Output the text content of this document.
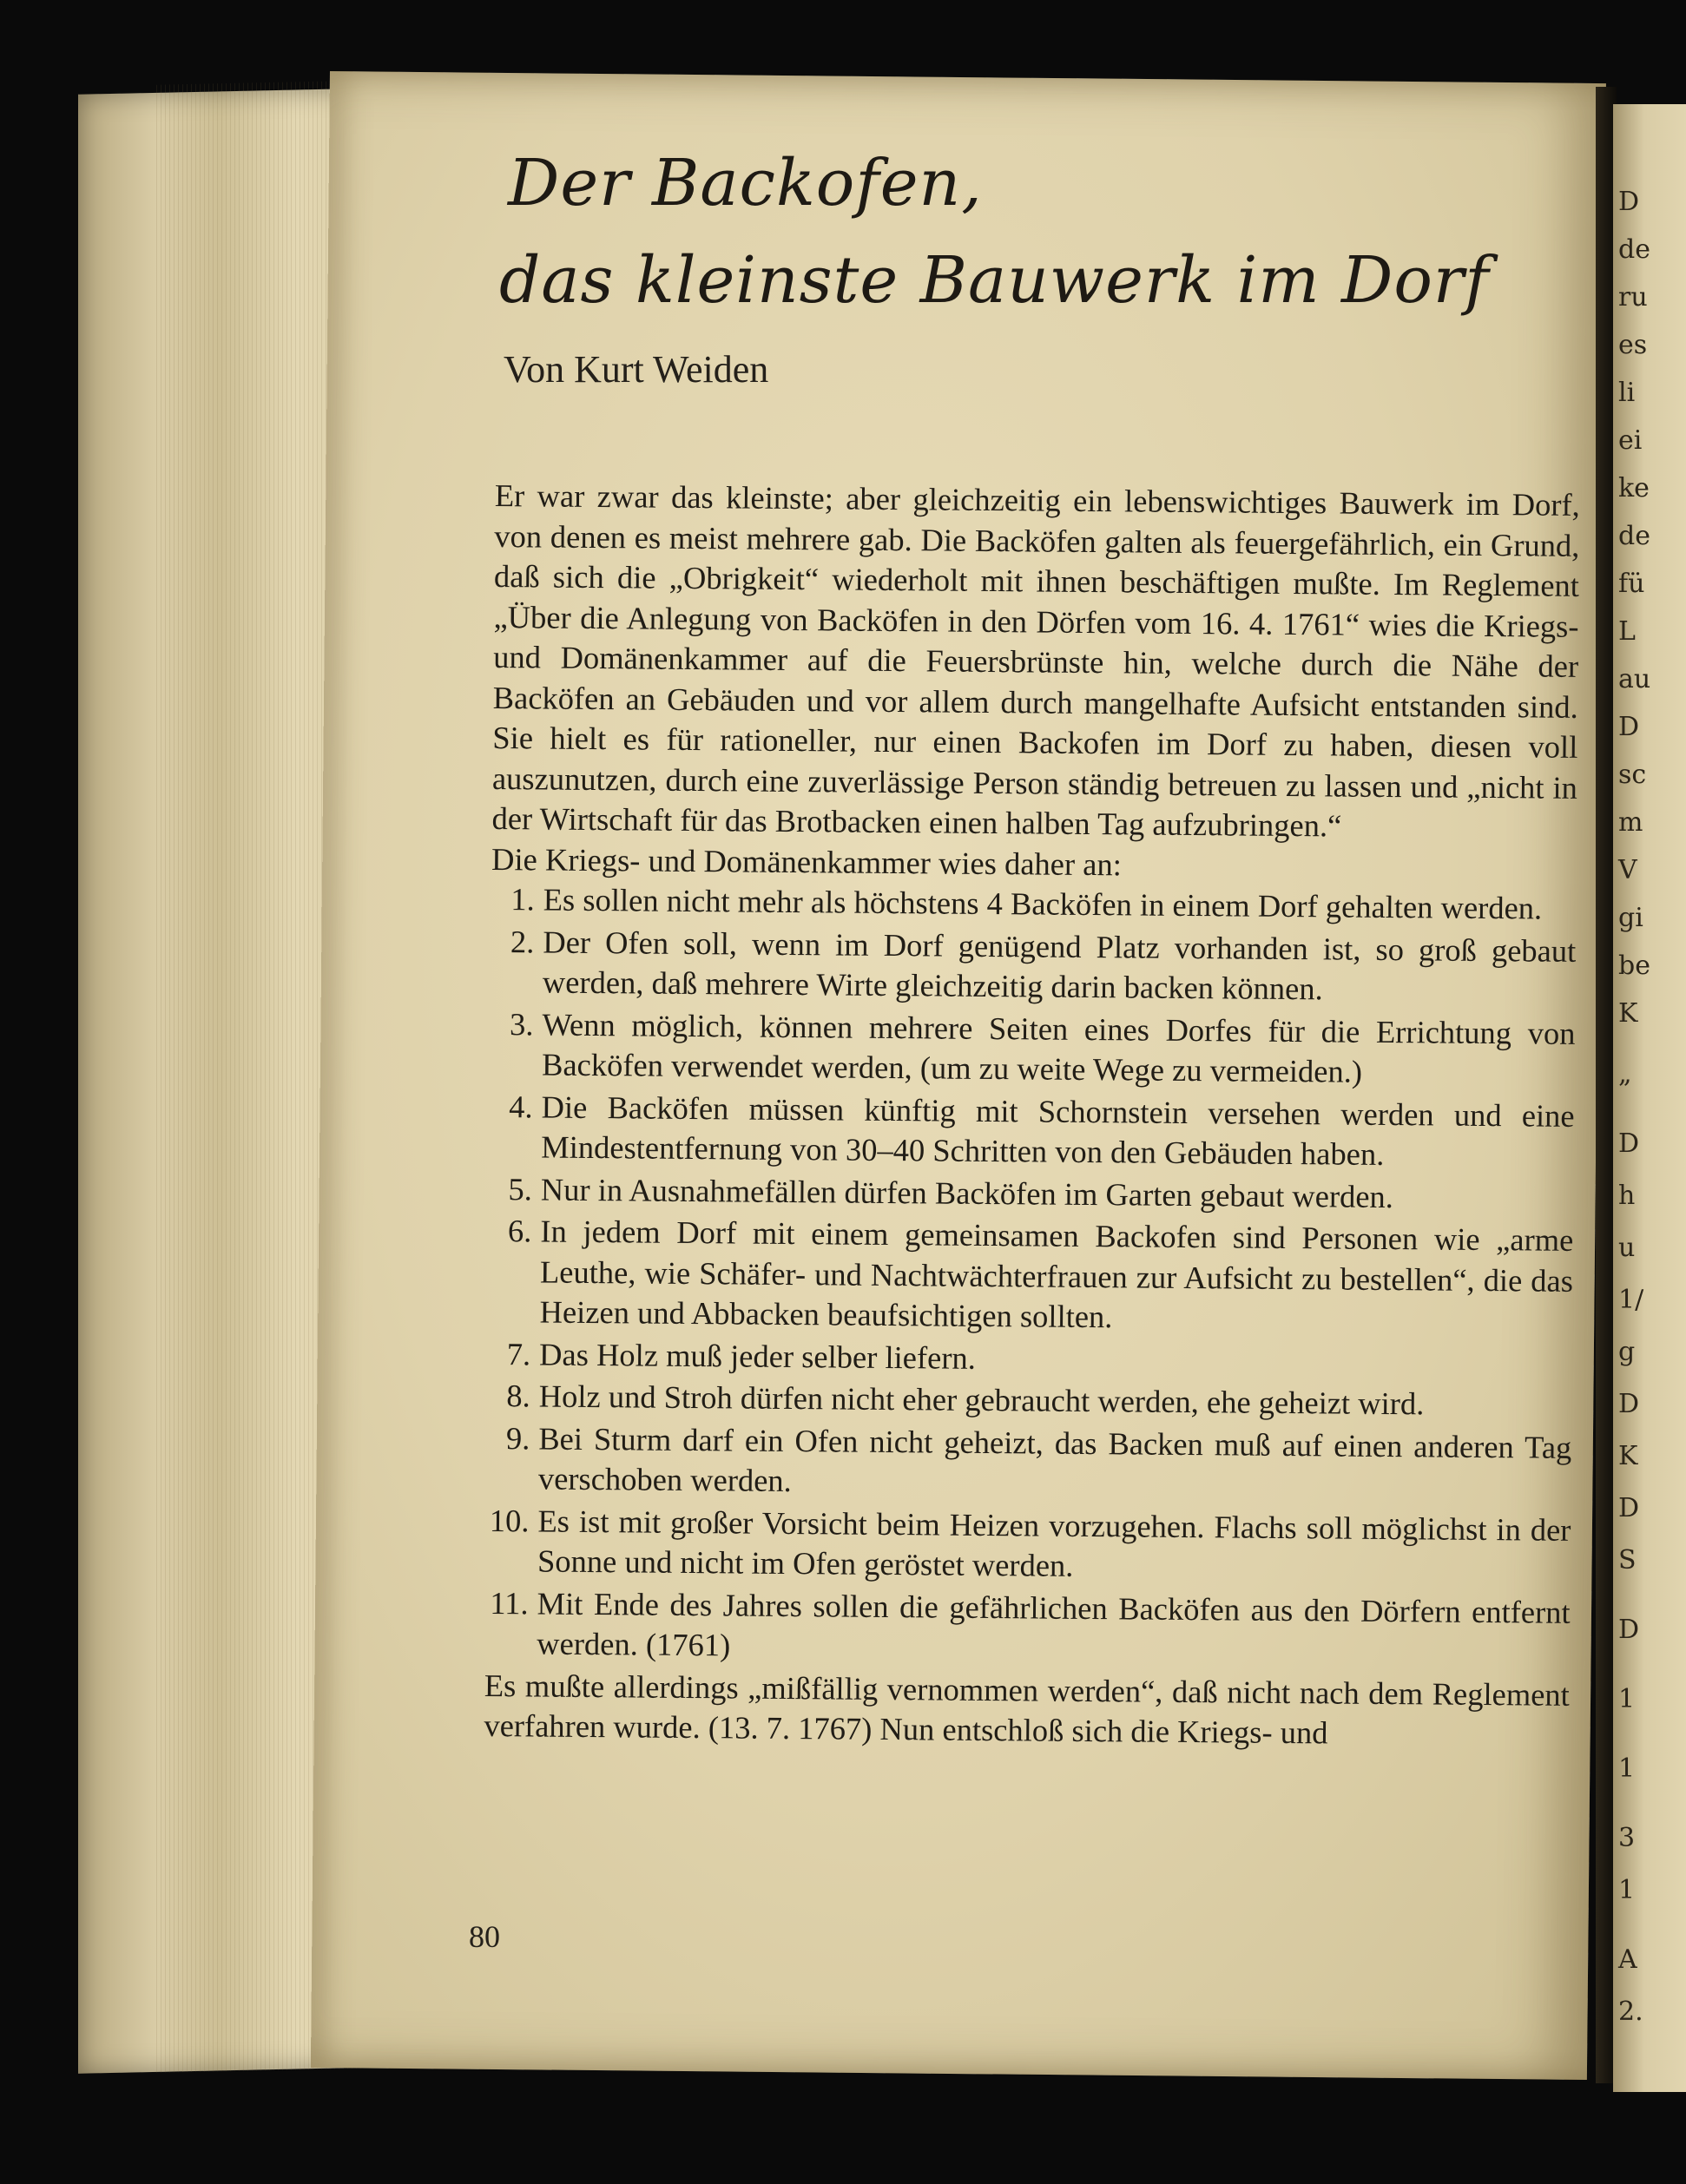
D
de
ru
es
li
ei
ke
de
fü
L
au
D
sc
m
V
gi
be
K
„
D
h
u
1/
g
D
K
D
S
D
1
1
3
1
A
2.
Der Backofen,
das kleinste Bauwerk im Dorf

Von Kurt Weiden

Er war zwar das kleinste; aber gleichzeitig ein lebenswichtiges Bauwerk im Dorf, von denen es meist mehrere gab. Die Backöfen galten als feuergefährlich, ein Grund, daß sich die „Obrigkeit“ wiederholt mit ihnen beschäftigen mußte. Im Reglement „Über die Anlegung von Backöfen in den Dörfen vom 16. 4. 1761“ wies die Kriegs- und Domänenkammer auf die Feuersbrünste hin, welche durch die Nähe der Backöfen an Gebäuden und vor allem durch mangelhafte Aufsicht entstanden sind. Sie hielt es für rationeller, nur einen Backofen im Dorf zu haben, diesen voll auszunutzen, durch eine zuverlässige Person ständig betreuen zu lassen und „nicht in der Wirtschaft für das Brotbacken einen halben Tag aufzubringen.“

Die Kriegs- und Domänenkammer wies daher an:

1. Es sollen nicht mehr als höchstens 4 Backöfen in einem Dorf gehalten werden.
2. Der Ofen soll, wenn im Dorf genügend Platz vorhanden ist, so groß gebaut werden, daß mehrere Wirte gleichzeitig darin backen können.
3. Wenn möglich, können mehrere Seiten eines Dorfes für die Errichtung von Backöfen verwendet werden, (um zu weite Wege zu vermeiden.)
4. Die Backöfen müssen künftig mit Schornstein versehen werden und eine Mindestentfernung von 30–40 Schritten von den Gebäuden haben.
5. Nur in Ausnahmefällen dürfen Backöfen im Garten gebaut werden.
6. In jedem Dorf mit einem gemeinsamen Backofen sind Personen wie „arme Leuthe, wie Schäfer- und Nachtwächterfrauen zur Aufsicht zu bestellen“, die das Heizen und Abbacken beaufsichtigen sollten.
7. Das Holz muß jeder selber liefern.
8. Holz und Stroh dürfen nicht eher gebraucht werden, ehe geheizt wird.
9. Bei Sturm darf ein Ofen nicht geheizt, das Backen muß auf einen anderen Tag verschoben werden.
10. Es ist mit großer Vorsicht beim Heizen vorzugehen. Flachs soll möglichst in der Sonne und nicht im Ofen geröstet werden.
11. Mit Ende des Jahres sollen die gefährlichen Backöfen aus den Dörfern entfernt werden. (1761)

Es mußte allerdings „mißfällig vernommen werden“, daß nicht nach dem Reglement verfahren wurde. (13. 7. 1767) Nun entschloß sich die Kriegs- und

80
